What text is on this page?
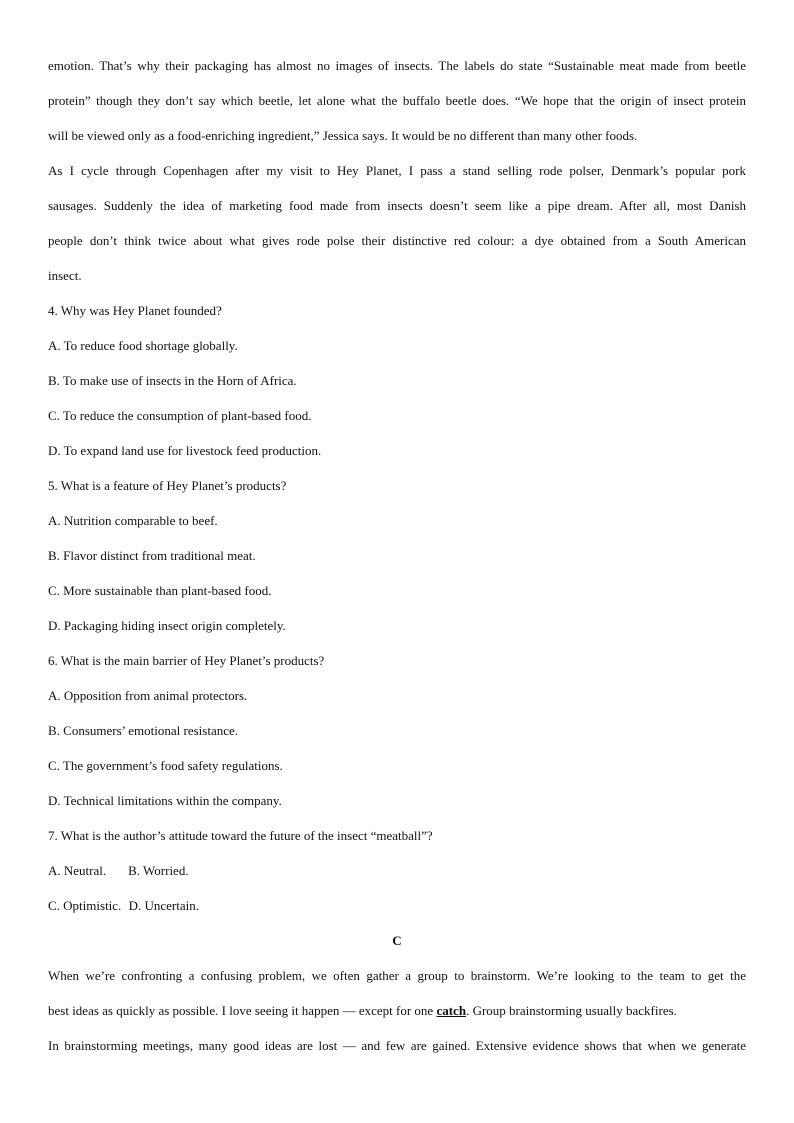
emotion. That’s why their packaging has almost no images of insects. The labels do state “Sustainable meat made from beetle
protein” though they don’t say which beetle, let alone what the buffalo beetle does. “We hope that the origin of insect protein
will be viewed only as a food-enriching ingredient,” Jessica says. It would be no different than many other foods.
As I cycle through Copenhagen after my visit to Hey Planet, I pass a stand selling rode polser, Denmark’s popular pork
sausages. Suddenly the idea of marketing food made from insects doesn’t seem like a pipe dream. After all, most Danish
people don’t think twice about what gives rode polse their distinctive red colour: a dye obtained from a South American
insect.
4. Why was Hey Planet founded?
A. To reduce food shortage globally.
B. To make use of insects in the Horn of Africa.
C. To reduce the consumption of plant-based food.
D. To expand land use for livestock feed production.
5. What is a feature of Hey Planet’s products?
A. Nutrition comparable to beef.
B. Flavor distinct from traditional meat.
C. More sustainable than plant-based food.
D. Packaging hiding insect origin completely.
6. What is the main barrier of Hey Planet’s products?
A. Opposition from animal protectors.
B. Consumers’ emotional resistance.
C. The government’s food safety regulations.
D. Technical limitations within the company.
7. What is the author’s attitude toward the future of the insect “meatball”?
A. Neutral. B. Worried.
C. Optimistic. D. Uncertain.
C
When we’re confronting a confusing problem, we often gather a group to brainstorm. We’re looking to the team to get the
best ideas as quickly as possible. I love seeing it happen — except for one catch. Group brainstorming usually backfires.
In brainstorming meetings, many good ideas are lost — and few are gained. Extensive evidence shows that when we generate
